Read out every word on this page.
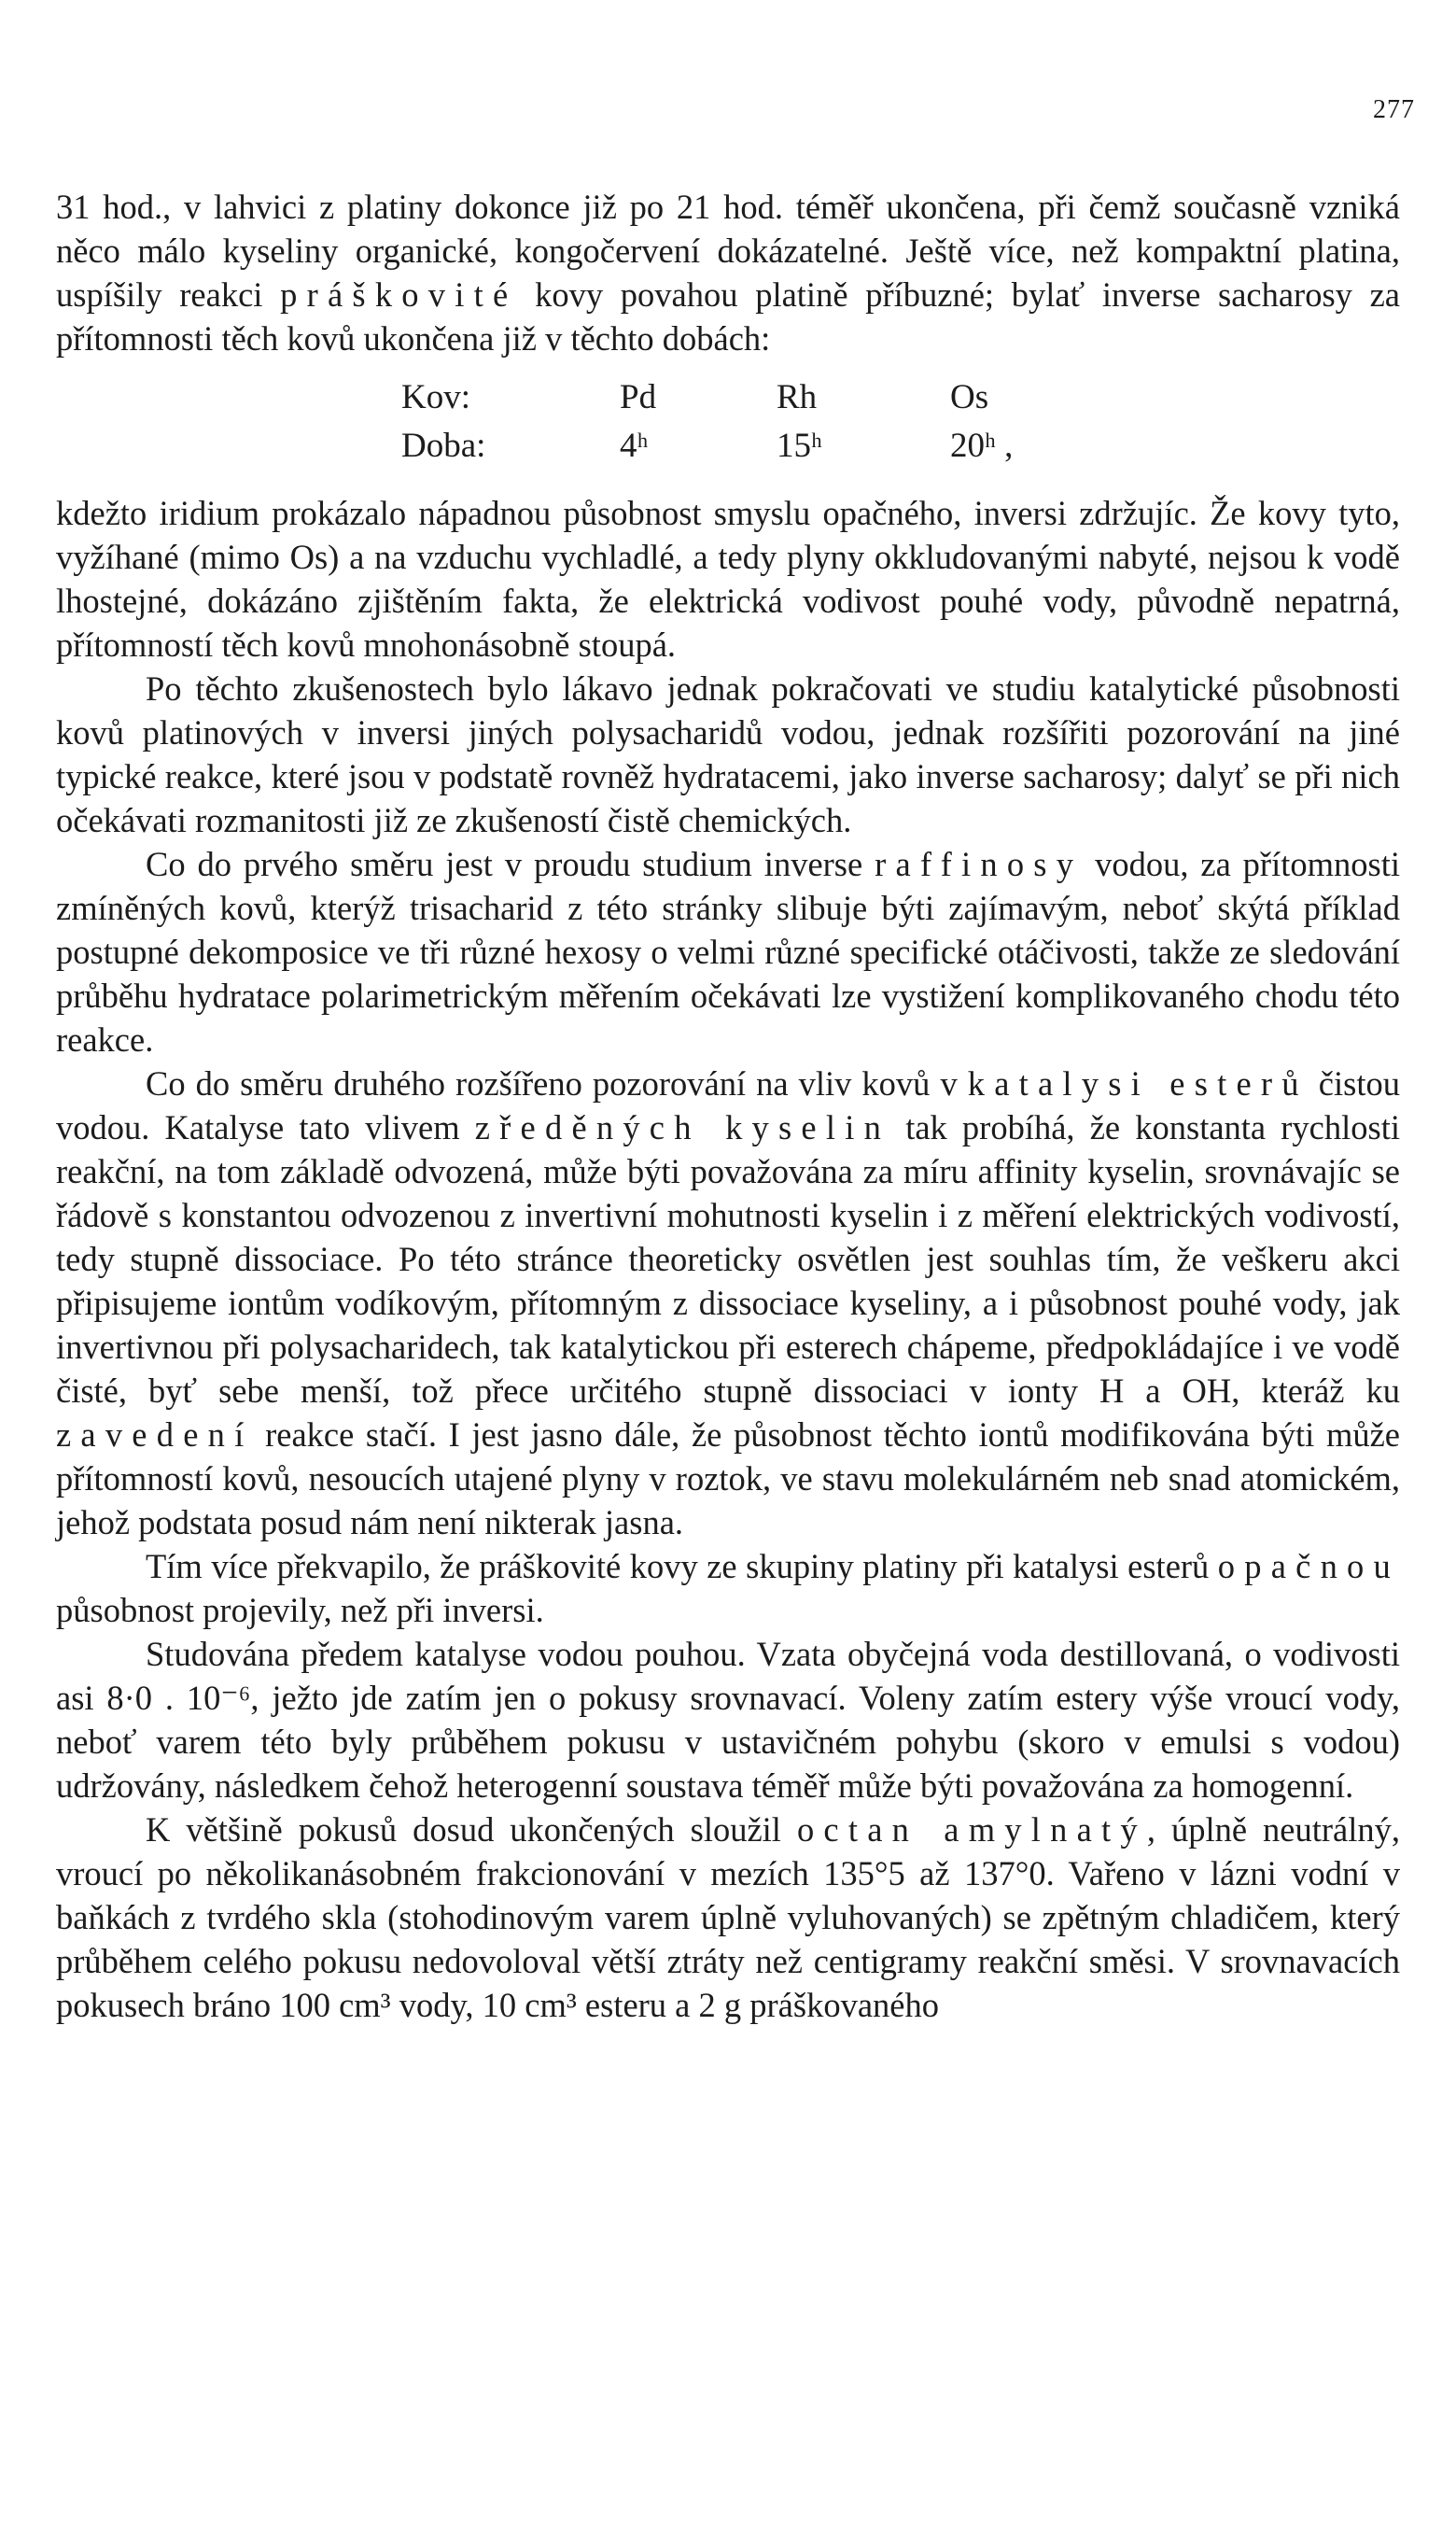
277

31 hod., v lahvici z platiny dokonce již po 21 hod. téměř ukončena, při čemž současně vzniká něco málo kyseliny organické, kongočervení dokázatelné. Ještě více, než kompaktní platina, uspíšily reakci práškovité kovy povahou platině příbuzné; bylať inverse sacharosy za přítomnosti těch kovů ukončena již v těchto dobách:

Kov:	Pd	Rh	Os
Doba:	4ʰ	15ʰ	20ʰ ,

kdežto iridium prokázalo nápadnou působnost smyslu opačného, inversi zdržujíc. Že kovy tyto, vyžíhané (mimo Os) a na vzduchu vychladlé, a tedy plyny okkludovanými nabyté, nejsou k vodě lhostejné, dokázáno zjištěním fakta, že elektrická vodivost pouhé vody, původně nepatrná, přítomností těch kovů mnohonásobně stoupá.

Po těchto zkušenostech bylo lákavo jednak pokračovati ve studiu katalytické působnosti kovů platinových v inversi jiných polysacharidů vodou, jednak rozšířiti pozorování na jiné typické reakce, které jsou v podstatě rovněž hydratacemi, jako inverse sacharosy; dalyť se při nich očekávati rozmanitosti již ze zkušeností čistě chemických.

Co do prvého směru jest v proudu studium inverse raffinosy vodou, za přítomnosti zmíněných kovů, kterýž trisacharid z této stránky slibuje býti zajímavým, neboť skýtá příklad postupné dekomposice ve tři různé hexosy o velmi různé specifické otáčivosti, takže ze sledování průběhu hydratace polarimetrickým měřením očekávati lze vystižení komplikovaného chodu této reakce.

Co do směru druhého rozšířeno pozorování na vliv kovů v katalysi esterů čistou vodou. Katalyse tato vlivem zředěných kyselin tak probíhá, že konstanta rychlosti reakční, na tom základě odvozená, může býti považována za míru affinity kyselin, srovnávajíc se řádově s konstantou odvozenou z invertivní mohutnosti kyselin i z měření elektrických vodivostí, tedy stupně dissociace. Po této stránce theoreticky osvětlen jest souhlas tím, že veškeru akci připisujeme iontům vodíkovým, přítomným z dissociace kyseliny, a i působnost pouhé vody, jak invertivnou při polysacharidech, tak katalytickou při esterech chápeme, předpokládajíce i ve vodě čisté, byť sebe menší, tož přece určitého stupně dissociaci v ionty H a OH, kteráž ku zavedení reakce stačí. I jest jasno dále, že působnost těchto iontů modifikována býti může přítomností kovů, nesoucích utajené plyny v roztok, ve stavu molekulárném neb snad atomickém, jehož podstata posud nám není nikterak jasna.

Tím více překvapilo, že práškovité kovy ze skupiny platiny při katalysi esterů opačnou působnost projevily, než při inversi.

Studována předem katalyse vodou pouhou. Vzata obyčejná voda destillovaná, o vodivosti asi 8·0 . 10⁻⁶, ježto jde zatím jen o pokusy srovnavací. Voleny zatím estery výše vroucí vody, neboť varem této byly průběhem pokusu v ustavičném pohybu (skoro v emulsi s vodou) udržovány, následkem čehož heterogenní soustava téměř může býti považována za homogenní.

K většině pokusů dosud ukončených sloužil octan amylnatý, úplně neutrálný, vroucí po několikanásobném frakcionování v mezích 135°5 až 137°0. Vařeno v lázni vodní v baňkách z tvrdého skla (stohodinovým varem úplně vyluhovaných) se zpětným chladičem, který průběhem celého pokusu nedovoloval větší ztráty než centigramy reakční směsi. V srovnavacích pokusech bráno 100 cm³ vody, 10 cm³ esteru a 2 g práškovaného
